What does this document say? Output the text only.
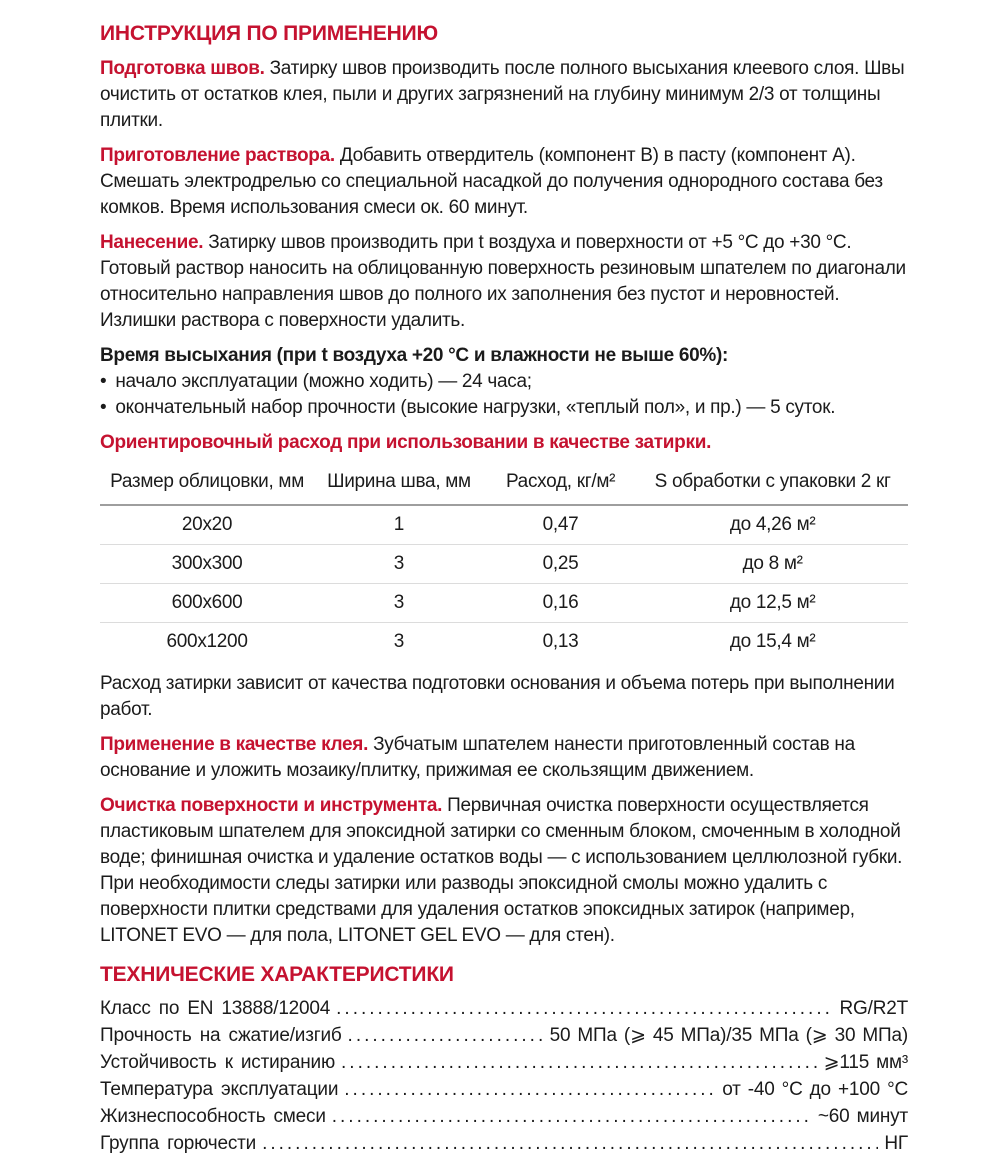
ИНСТРУКЦИЯ ПО ПРИМЕНЕНИЮ

Подготовка швов. Затирку швов производить после полного высыхания клеевого слоя. Швы очистить от остатков клея, пыли и других загрязнений на глубину минимум 2/3 от толщины плитки.

Приготовление раствора. Добавить отвердитель (компонент B) в пасту (компонент A). Смешать электродрелью со специальной насадкой до получения однородного состава без комков. Время использования смеси ок. 60 минут.

Нанесение. Затирку швов производить при t воздуха и поверхности от +5 °C до +30 °C. Готовый раствор наносить на облицованную поверхность резиновым шпателем по диагонали относительно направления швов до полного их заполнения без пустот и неровностей. Излишки раствора с поверхности удалить.

Время высыхания (при t воздуха +20 °C и влажности не выше 60%):
• начало эксплуатации (можно ходить) — 24 часа;
• окончательный набор прочности (высокие нагрузки, «теплый пол», и пр.) — 5 суток.
Ориентировочный расход при использовании в качестве затирки.
Размер облицовки, мм	Ширина шва, мм	Расход, кг/м²	S обработки с упаковки 2 кг
20x20	1	0,47	до 4,26 м²
300x300	3	0,25	до 8 м²
600x600	3	0,16	до 12,5 м²
600x1200	3	0,13	до 15,4 м²

Расход затирки зависит от качества подготовки основания и объема потерь при выполнении работ.

Применение в качестве клея. Зубчатым шпателем нанести приготовленный состав на основание и уложить мозаику/плитку, прижимая ее скользящим движением.

Очистка поверхности и инструмента. Первичная очистка поверхности осуществляется пластиковым шпателем для эпоксидной затирки со сменным блоком, смоченным в холодной воде; финишная очистка и удаление остатков воды — с использованием целлюлозной губки. При необходимости следы затирки или разводы эпоксидной смолы можно удалить с поверхности плитки средствами для удаления остатков эпоксидных затирок (например, LITONET EVO — для пола, LITONET GEL EVO — для стен).

ТЕХНИЧЕСКИЕ ХАРАКТЕРИСТИКИ
Класс по EN 13888/12004 .....	RG/R2T
Прочность на сжатие/изгиб .....	50 МПа (⩾ 45 МПа)/35 МПа (⩾ 30 МПа)
Устойчивость к истиранию .....	⩾115 мм³
Температура эксплуатации .....	от -40 °C до +100 °C
Жизнеспособность смеси .....	~60 минут
Группа горючести .....	НГ
